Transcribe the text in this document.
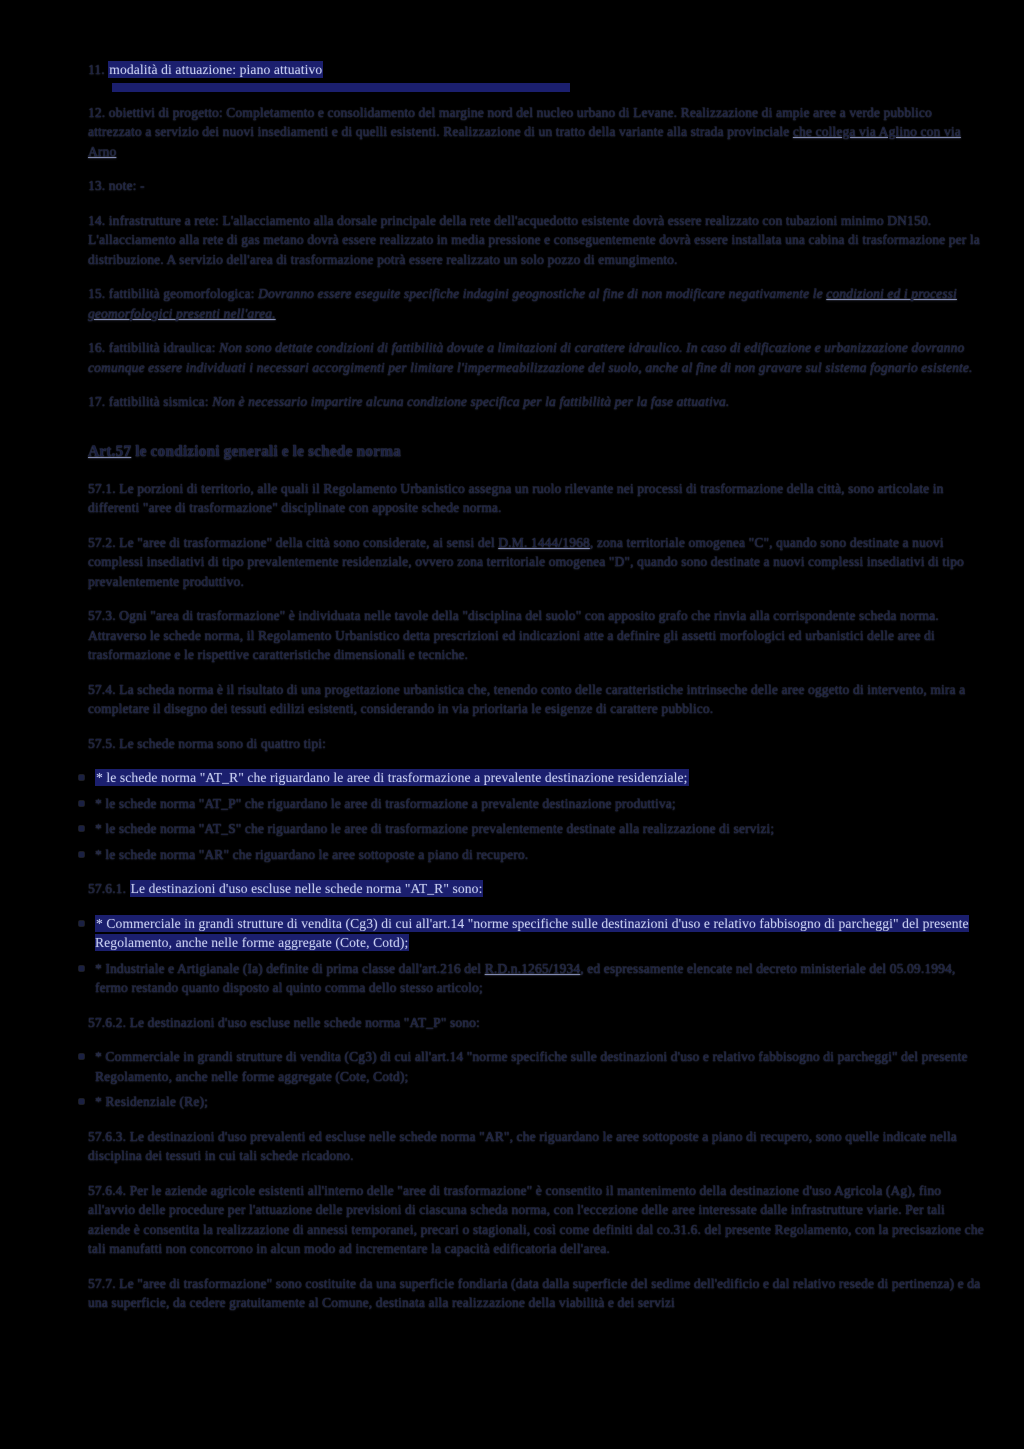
11. modalità di attuazione: piano attuativo
12. obiettivi di progetto: Completamento e consolidamento del margine nord del nucleo urbano di Levane. Realizzazione di ampie aree a verde pubblico attrezzato a servizio dei nuovi insediamenti e di quelli esistenti. Realizzazione di un tratto della variante alla strada provinciale che collega via Aglino con via Arno
13. note: -
14. infrastrutture a rete: L'allacciamento alla dorsale principale della rete dell'acquedotto esistente dovrà essere realizzato con tubazioni minimo DN150. L'allacciamento alla rete di gas metano dovrà essere realizzato in media pressione e conseguentemente dovrà essere installata una cabina di trasformazione per la distribuzione. A servizio dell'area di trasformazione potrà essere realizzato un solo pozzo di emungimento.
15. fattibilità geomorfologica: Dovranno essere eseguite specifiche indagini geognostiche al fine di non modificare negativamente le condizioni ed i processi geomorfologici presenti nell'area.
16. fattibilità idraulica: Non sono dettate condizioni di fattibilità dovute a limitazioni di carattere idraulico. In caso di edificazione e urbanizzazione dovranno comunque essere individuati i necessari accorgimenti per limitare l'impermeabilizzazione del suolo, anche al fine di non gravare sul sistema fognario esistente.
17. fattibilità sismica: Non è necessario impartire alcuna condizione specifica per la fattibilità per la fase attuativa.
Art.57 le condizioni generali e le schede norma
57.1. Le porzioni di territorio, alle quali il Regolamento Urbanistico assegna un ruolo rilevante nei processi di trasformazione della città, sono articolate in differenti "aree di trasformazione" disciplinate con apposite schede norma.
57.2. Le "aree di trasformazione" della città sono considerate, ai sensi del D.M. 1444/1968, zona territoriale omogenea "C", quando sono destinate a nuovi complessi insediativi di tipo prevalentemente residenziale, ovvero zona territoriale omogenea "D", quando sono destinate a nuovi complessi insediativi di tipo prevalentemente produttivo.
57.3. Ogni "area di trasformazione" è individuata nelle tavole della "disciplina del suolo" con apposito grafo che rinvia alla corrispondente scheda norma. Attraverso le schede norma, il Regolamento Urbanistico detta prescrizioni ed indicazioni atte a definire gli assetti morfologici ed urbanistici delle aree di trasformazione e le rispettive caratteristiche dimensionali e tecniche.
57.4. La scheda norma è il risultato di una progettazione urbanistica che, tenendo conto delle caratteristiche intrinseche delle aree oggetto di intervento, mira a completare il disegno dei tessuti edilizi esistenti, considerando in via prioritaria le esigenze di carattere pubblico.
57.5. Le schede norma sono di quattro tipi:
* le schede norma "AT_R" che riguardano le aree di trasformazione a prevalente destinazione residenziale;
* le schede norma "AT_P" che riguardano le aree di trasformazione a prevalente destinazione produttiva;
* le schede norma "AT_S" che riguardano le aree di trasformazione prevalentemente destinate alla realizzazione di servizi;
* le schede norma "AR" che riguardano le aree sottoposte a piano di recupero.
57.6.1. Le destinazioni d'uso escluse nelle schede norma "AT_R" sono:
* Commerciale in grandi strutture di vendita (Cg3) di cui all'art.14 "norme specifiche sulle destinazioni d'uso e relativo fabbisogno di parcheggi" del presente Regolamento, anche nelle forme aggregate (Cote, Cotd);
* Industriale e Artigianale (Ia) definite di prima classe dall'art.216 del R.D.n.1265/1934, ed espressamente elencate nel decreto ministeriale del 05.09.1994, fermo restando quanto disposto al quinto comma dello stesso articolo;
57.6.2. Le destinazioni d'uso escluse nelle schede norma "AT_P" sono:
* Commerciale in grandi strutture di vendita (Cg3) di cui all'art.14 "norme specifiche sulle destinazioni d'uso e relativo fabbisogno di parcheggi" del presente Regolamento, anche nelle forme aggregate (Cote, Cotd);
* Residenziale (Re);
57.6.3. Le destinazioni d'uso prevalenti ed escluse nelle schede norma "AR", che riguardano le aree sottoposte a piano di recupero, sono quelle indicate nella disciplina dei tessuti in cui tali schede ricadono.
57.6.4. Per le aziende agricole esistenti all'interno delle "aree di trasformazione" è consentito il mantenimento della destinazione d'uso Agricola (Ag), fino all'avvio delle procedure per l'attuazione delle previsioni di ciascuna scheda norma, con l'eccezione delle aree interessate dalle infrastrutture viarie. Per tali aziende è consentita la realizzazione di annessi temporanei, precari o stagionali, così come definiti dal co.31.6. del presente Regolamento, con la precisazione che tali manufatti non concorrono in alcun modo ad incrementare la capacità edificatoria dell'area.
57.7. Le "aree di trasformazione" sono costituite da una superficie fondiaria (data dalla superficie del sedime dell'edificio e dal relativo resede di pertinenza) e da una superficie, da cedere gratuitamente al Comune, destinata alla realizzazione della viabilità e dei servizi
